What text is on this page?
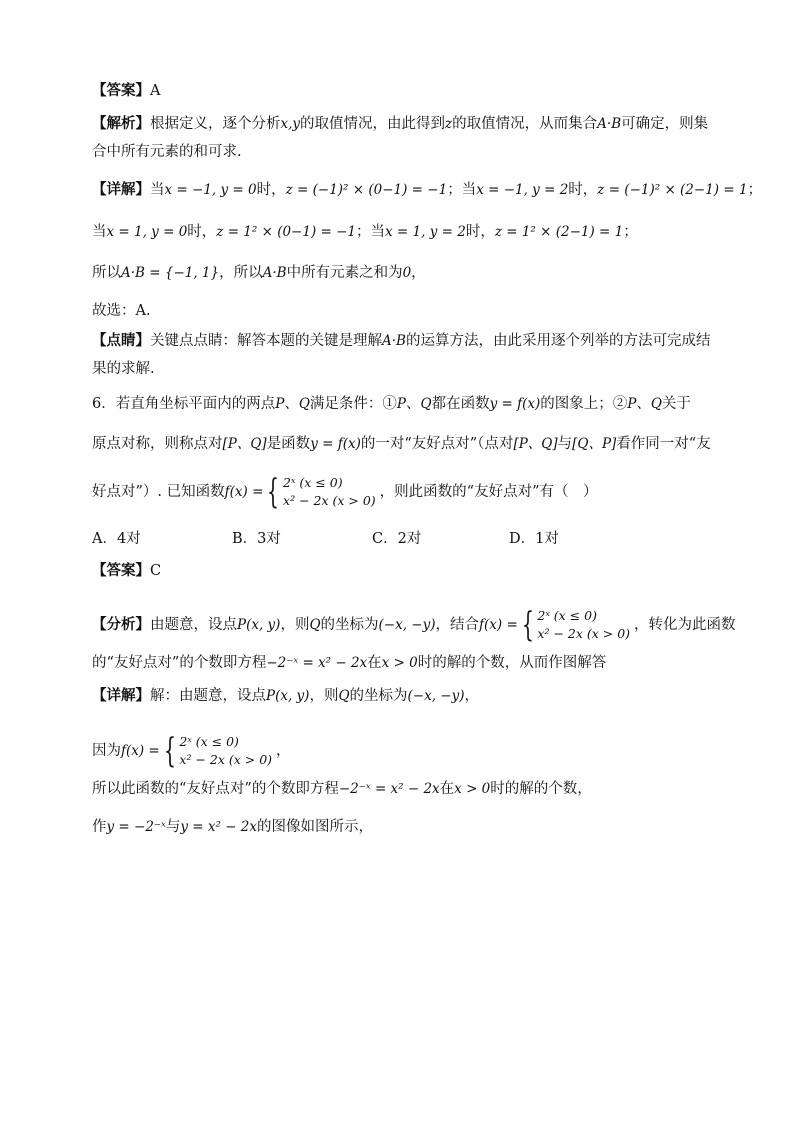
【答案】A
【解析】根据定义，逐个分析x,y的取值情况，由此得到z的取值情况，从而集合A·B可确定，则集
合中所有元素的和可求.
【详解】当x = −1, y = 0时，z = (−1)² × (0−1) = −1；当x = −1, y = 2时，z = (−1)² × (2−1) = 1；
当x = 1, y = 0时，z = 1² × (0−1) = −1；当x = 1, y = 2时，z = 1² × (2−1) = 1；
所以A·B = {−1, 1}，所以A·B中所有元素之和为0，
故选：A.
【点睛】关键点点睛：解答本题的关键是理解A·B的运算方法，由此采用逐个列举的方法可完成结
果的求解.
6．若直角坐标平面内的两点P、Q满足条件：①P、Q都在函数y = f(x)的图象上；②P、Q关于
原点对称，则称点对[P、Q]是函数y = f(x)的一对“友好点对”（点对[P、Q]与[Q、P]看作同一对“友
好点对”）. 已知函数f(x) = { 2ˣ (x ≤ 0)
x² − 2x (x > 0)
，则此函数的“友好点对”有（　）
A．4对	B．3对	C．2对	D．1对
【答案】C
【分析】由题意，设点P(x, y)，则Q的坐标为(−x, −y)，结合f(x) = { 2ˣ (x ≤ 0)
x² − 2x (x > 0)
，转化为此函数
的“友好点对”的个数即方程−2⁻ˣ = x² − 2x在x > 0时的解的个数，从而作图解答
【详解】解：由题意，设点P(x, y)，则Q的坐标为(−x, −y)，
因为f(x) = { 2ˣ (x ≤ 0)
x² − 2x (x > 0)
，
所以此函数的“友好点对”的个数即方程−2⁻ˣ = x² − 2x在x > 0时的解的个数，
作y = −2⁻ˣ与y = x² − 2x的图像如图所示，
